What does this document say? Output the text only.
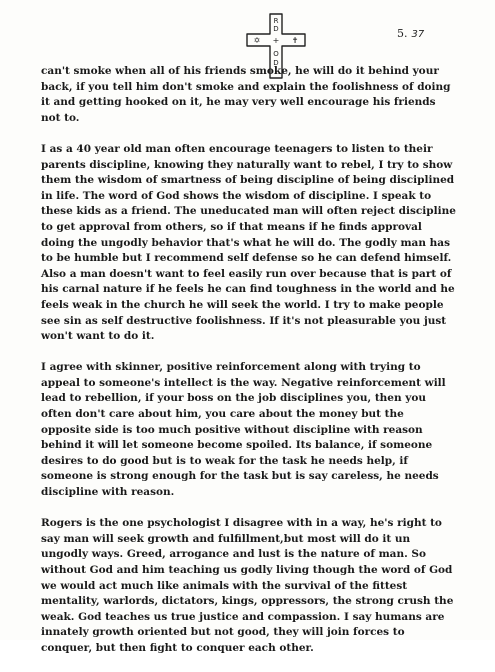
R
D
✡ + ✝
O
D
5. 37

can't smoke when all of his friends smoke, he will do it behind your back, if you tell him don't smoke and explain the foolishness of doing it and getting hooked on it, he may very well encourage his friends not to.

I as a 40 year old man often encourage teenagers to listen to their parents discipline, knowing they naturally want to rebel, I try to show them the wisdom of smartness of being discipline of being disciplined in life. The word of God shows the wisdom of discipline. I speak to these kids as a friend. The uneducated man will often reject discipline to get approval from others, so if that means if he finds approval doing the ungodly behavior that's what he will do. The godly man has to be humble but I recommend self defense so he can defend himself. Also a man doesn't want to feel easily run over because that is part of his carnal nature if he feels he can find toughness in the world and he feels weak in the church he will seek the world. I try to make people see sin as self destructive foolishness. If it's not pleasurable you just won't want to do it.

I agree with skinner, positive reinforcement along with trying to appeal to someone's intellect is the way. Negative reinforcement will lead to rebellion, if your boss on the job disciplines you, then you often don't care about him, you care about the money but the opposite side is too much positive without discipline with reason behind it will let someone become spoiled. Its balance, if someone desires to do good but is to weak for the task he needs help, if someone is strong enough for the task but is say careless, he needs discipline with reason.

Rogers is the one psychologist I disagree with in a way, he's right to say man will seek growth and fulfillment,but most will do it un ungodly ways. Greed, arrogance and lust is the nature of man. So without God and him teaching us godly living though the word of God we would act much like animals with the survival of the fittest mentality, warlords, dictators, kings, oppressors, the strong crush the weak. God teaches us true justice and compassion. I say humans are innately growth oriented but not good, they will join forces to conquer, but then fight to conquer each other.
